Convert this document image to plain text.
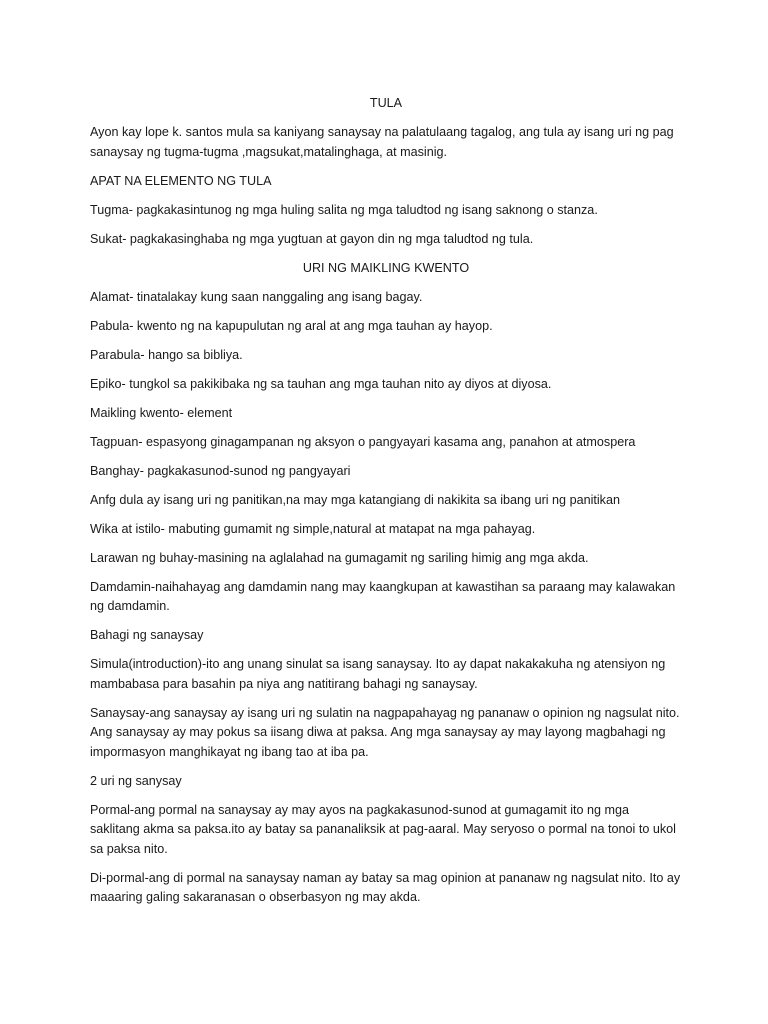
TULA

Ayon kay lope k. santos mula sa kaniyang sanaysay na palatulaang tagalog, ang tula ay isang uri ng pag sanaysay ng tugma-tugma ,magsukat,matalinghaga, at masinig.

APAT NA ELEMENTO NG TULA

Tugma- pagkakasintunog ng mga huling salita ng mga taludtod ng isang saknong o stanza.

Sukat- pagkakasinghaba ng mga yugtuan at gayon din ng mga taludtod ng tula.

URI NG MAIKLING KWENTO

Alamat- tinatalakay kung saan nanggaling ang isang bagay.

Pabula- kwento ng na kapupulutan ng aral at ang mga tauhan ay hayop.

Parabula- hango sa bibliya.

Epiko- tungkol sa pakikibaka ng sa tauhan ang mga tauhan nito ay diyos at diyosa.

Maikling kwento- element

Tagpuan- espasyong ginagampanan ng aksyon o pangyayari kasama ang, panahon at atmospera

Banghay- pagkakasunod-sunod ng pangyayari

Anfg dula ay isang uri ng panitikan,na may mga katangiang di nakikita sa ibang uri ng panitikan

Wika at istilo- mabuting gumamit ng simple,natural at matapat na mga pahayag.

Larawan ng buhay-masining na aglalahad na gumagamit ng sariling himig ang mga akda.

Damdamin-naihahayag ang damdamin nang may kaangkupan at kawastihan sa paraang may kalawakan ng damdamin.

Bahagi ng sanaysay

Simula(introduction)-ito ang unang sinulat sa isang sanaysay. Ito ay dapat nakakakuha ng atensiyon ng mambabasa para basahin pa niya ang natitirang bahagi ng sanaysay.

Sanaysay-ang sanaysay ay isang uri ng sulatin na nagpapahayag ng pananaw o opinion ng nagsulat nito. Ang sanaysay ay may pokus sa iisang diwa at paksa. Ang mga sanaysay ay may layong magbahagi ng impormasyon manghikayat ng ibang tao at iba pa.

2 uri ng sanysay

Pormal-ang pormal na sanaysay ay may ayos na pagkakasunod-sunod at gumagamit ito ng mga saklitang akma sa paksa.ito ay batay sa pananaliksik at pag-aaral. May seryoso o pormal na tonoi to ukol sa paksa nito.

Di-pormal-ang di pormal na sanaysay naman ay batay sa mag opinion at pananaw ng nagsulat nito. Ito ay maaaring galing sakaranasan o obserbasyon ng may akda.
